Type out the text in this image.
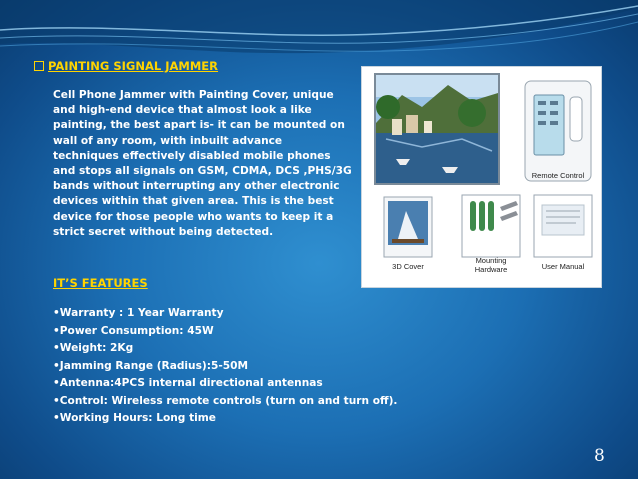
PAINTING SIGNAL JAMMER
Cell Phone Jammer with Painting Cover, unique
and high-end device that almost look a like
painting, the best apart is- it can be mounted on
wall of any room, with inbuilt advance
techniques effectively disabled mobile phones
and stops all signals on GSM, CDMA, DCS ,PHS/3G
bands without interrupting any other electronic
devices within that given area. This is the best
device for those people who wants to keep it a
strict secret without being detected.
Remote Control
3D Cover
Mounting
Hardware	User Manual
IT’S FEATURES
• Warranty : 1 Year Warranty
• Power Consumption: 45W
• Weight: 2Kg
• Jamming Range (Radius):5-50M
• Antenna:4PCS internal directional antennas
• Control: Wireless remote controls (turn on and turn off).
• Working Hours: Long time
8
